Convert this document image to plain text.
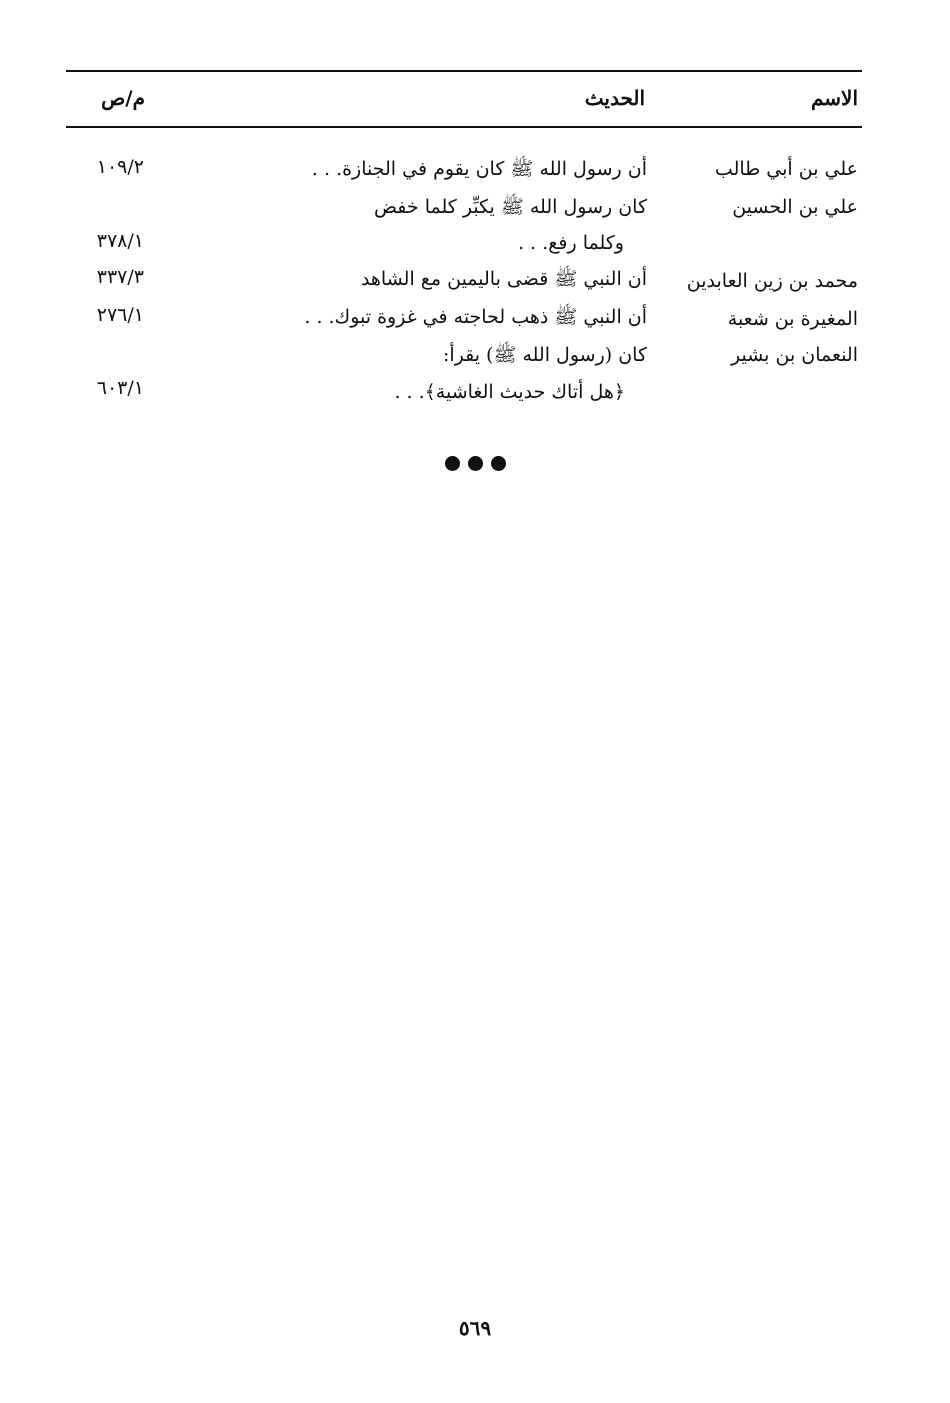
الاسم
الحديث
م/ص
علي بن أبي طالب
أن رسول الله ﷺ كان يقوم في الجنازة. . .
١٠٩/٢
علي بن الحسين
كان رسول الله ﷺ يكبِّر كلما خفض
وكلما رفع. . .
٣٧٨/١
محمد بن زين العابدين
أن النبي ﷺ قضى باليمين مع الشاهد
٣٣٧/٣
المغيرة بن شعبة
أن النبي ﷺ ذهب لحاجته في غزوة تبوك. . .
٢٧٦/١
النعمان بن بشير
كان (رسول الله ﷺ) يقرأ:
﴿هل أتاك حديث الغاشية﴾. . .
٦٠٣/١
٥٦٩
